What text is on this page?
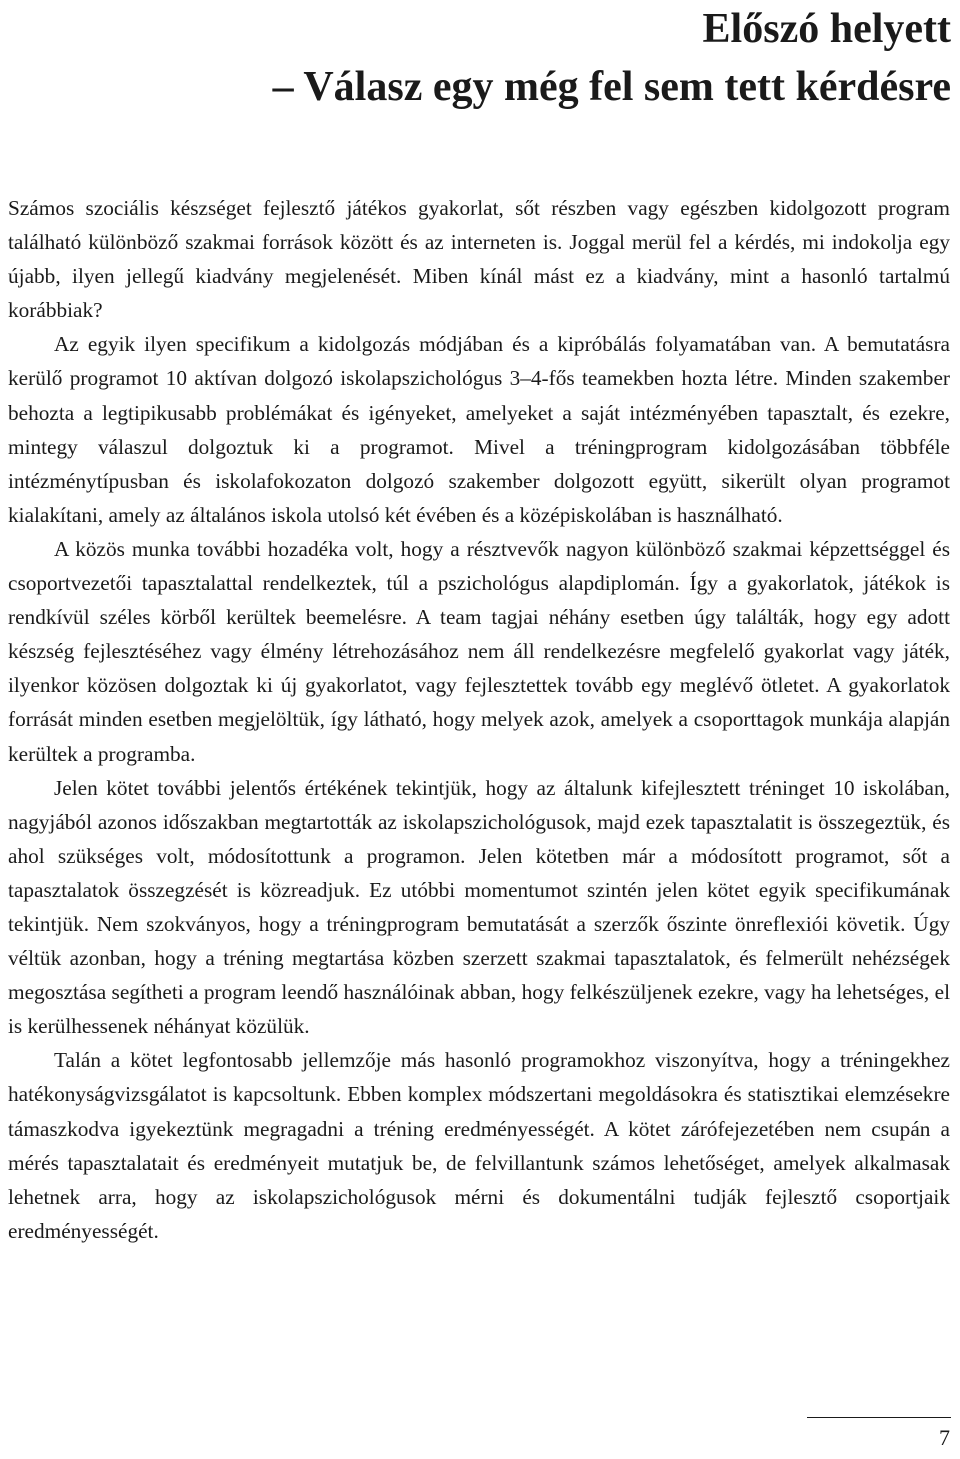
Előszó helyett
– Válasz egy még fel sem tett kérdésre

Számos szociális készséget fejlesztő játékos gyakorlat, sőt részben vagy egészben kidolgozott program található különböző szakmai források között és az interneten is. Joggal merül fel a kérdés, mi indokolja egy újabb, ilyen jellegű kiadvány megjelenését. Miben kínál mást ez a kiadvány, mint a hasonló tartalmú korábbiak?

Az egyik ilyen specifikum a kidolgozás módjában és a kipróbálás folyamatában van. A bemutatásra kerülő programot 10 aktívan dolgozó iskolapszichológus 3–4-fős teamekben hozta létre. Minden szakember behozta a legtipikusabb problémákat és igényeket, amelyeket a saját intézményében tapasztalt, és ezekre, mintegy válaszul dolgoztuk ki a programot. Mivel a tréningprogram kidolgozásában többféle intézménytípusban és iskolafokozaton dolgozó szakember dolgozott együtt, sikerült olyan programot kialakítani, amely az általános iskola utolsó két évében és a középiskolában is használható.

A közös munka további hozadéka volt, hogy a résztvevők nagyon különböző szakmai képzettséggel és csoportvezetői tapasztalattal rendelkeztek, túl a pszichológus alapdiplomán. Így a gyakorlatok, játékok is rendkívül széles körből kerültek beemelésre. A team tagjai néhány esetben úgy találták, hogy egy adott készség fejlesztéséhez vagy élmény létrehozásához nem áll rendelkezésre megfelelő gyakorlat vagy játék, ilyenkor közösen dolgoztak ki új gyakorlatot, vagy fejlesztettek tovább egy meglévő ötletet. A gyakorlatok forrását minden esetben megjelöltük, így látható, hogy melyek azok, amelyek a csoporttagok munkája alapján kerültek a programba.

Jelen kötet további jelentős értékének tekintjük, hogy az általunk kifejlesztett tréninget 10 iskolában, nagyjából azonos időszakban megtartották az iskolapszichológusok, majd ezek tapasztalatit is összegeztük, és ahol szükséges volt, módosítottunk a programon. Jelen kötetben már a módosított programot, sőt a tapasztalatok összegzését is közreadjuk. Ez utóbbi momentumot szintén jelen kötet egyik specifikumának tekintjük. Nem szokványos, hogy a tréningprogram bemutatását a szerzők őszinte önreflexiói követik. Úgy véltük azonban, hogy a tréning megtartása közben szerzett szakmai tapasztalatok, és felmerült nehézségek megosztása segítheti a program leendő használóinak abban, hogy felkészüljenek ezekre, vagy ha lehetséges, el is kerülhessenek néhányat közülük.

Talán a kötet legfontosabb jellemzője más hasonló programokhoz viszonyítva, hogy a tréningekhez hatékonyságvizsgálatot is kapcsoltunk. Ebben komplex módszertani megoldásokra és statisztikai elemzésekre támaszkodva igyekeztünk megragadni a tréning eredményességét. A kötet zárófejezetében nem csupán a mérés tapasztalatait és eredményeit mutatjuk be, de felvillantunk számos lehetőséget, amelyek alkalmasak lehetnek arra, hogy az iskolapszichológusok mérni és dokumentálni tudják fejlesztő csoportjaik eredményességét.

7
